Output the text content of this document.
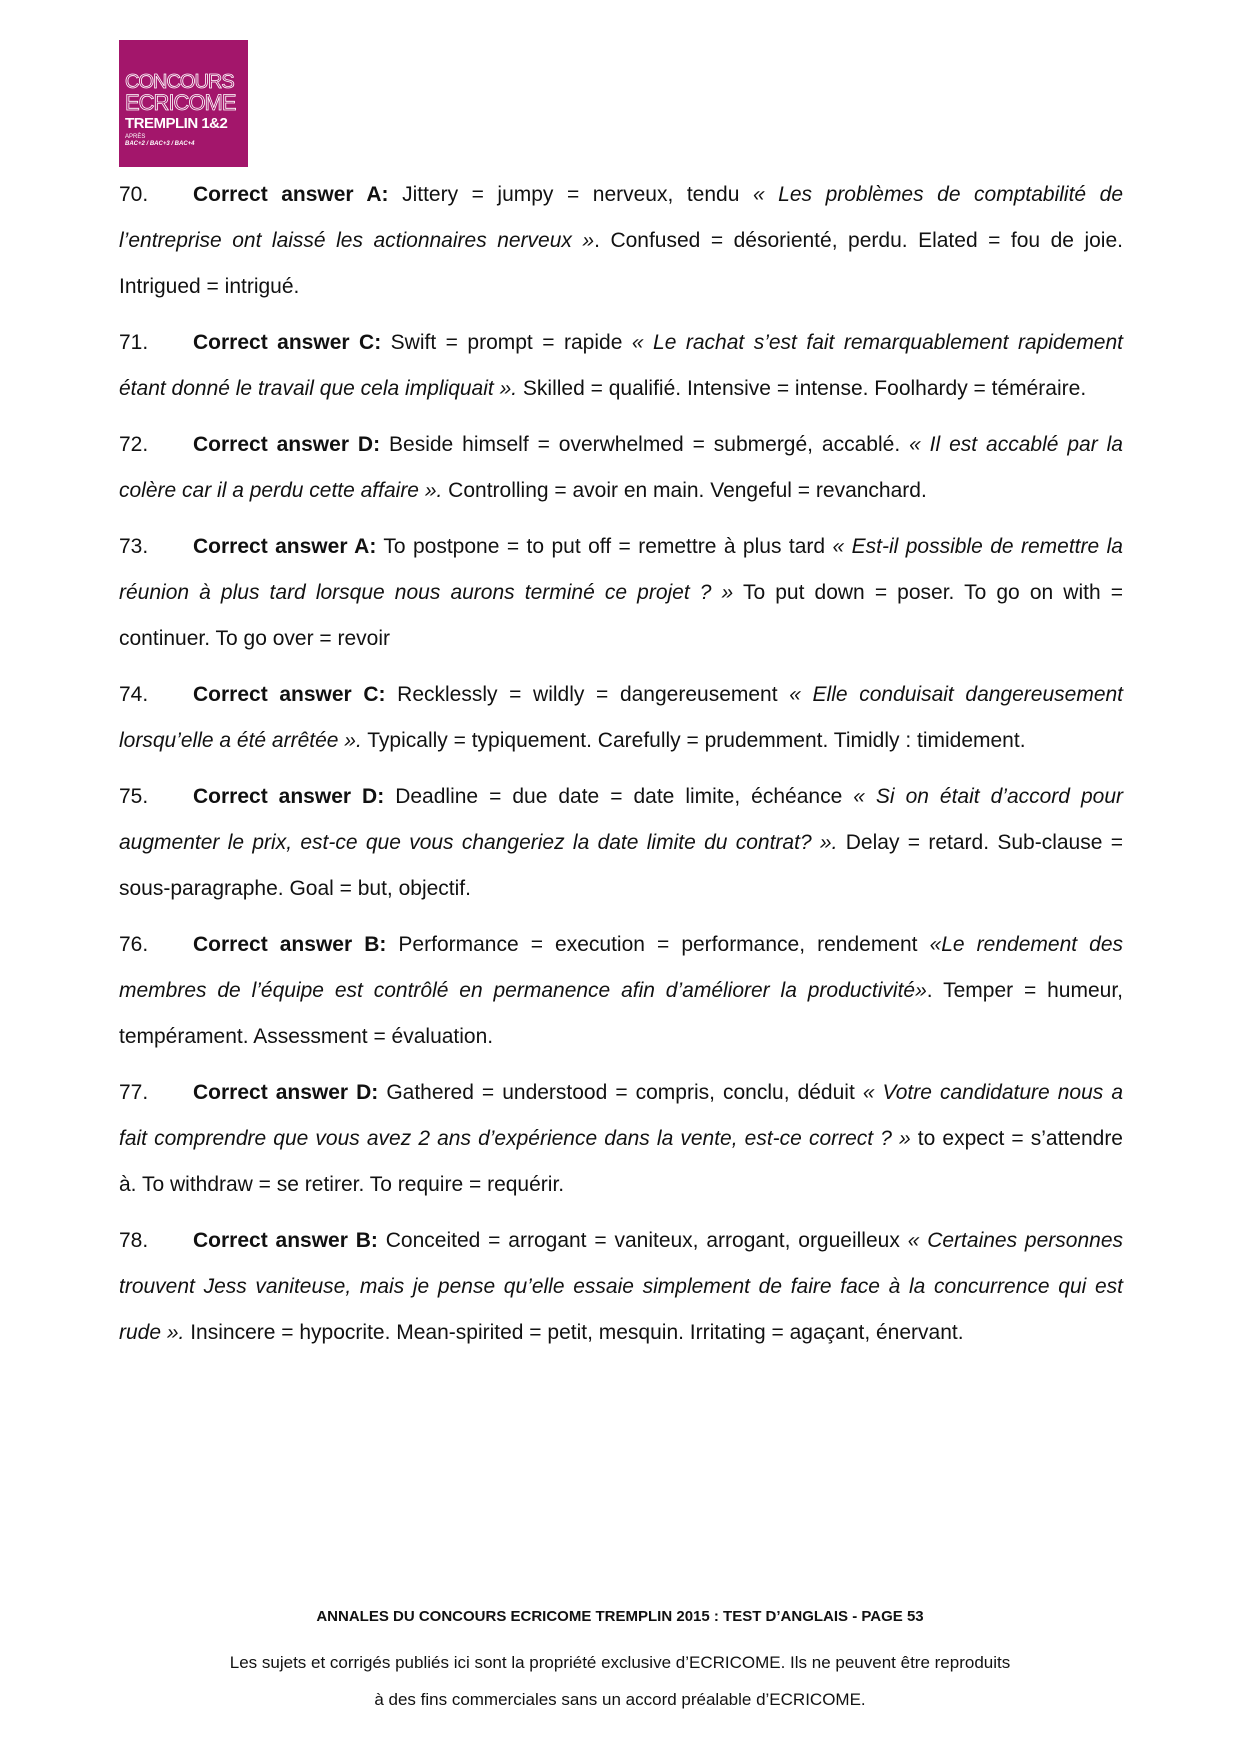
CONCOURS
ECRICOME
TREMPLIN 1&2
APRÈS
BAC+2 / BAC+3 / BAC+4

70. Correct answer A: Jittery = jumpy = nerveux, tendu « Les problèmes de comptabilité de l’entreprise ont laissé les actionnaires nerveux ». Confused = désorienté, perdu. Elated = fou de joie. Intrigued = intrigué.

71. Correct answer C: Swift = prompt = rapide « Le rachat s’est fait remarquablement rapidement étant donné le travail que cela impliquait ». Skilled = qualifié. Intensive = intense. Foolhardy = téméraire.

72. Correct answer D: Beside himself = overwhelmed = submergé, accablé. « Il est accablé par la colère car il a perdu cette affaire ». Controlling = avoir en main. Vengeful = revanchard.

73. Correct answer A: To postpone = to put off = remettre à plus tard « Est-il possible de remettre la réunion à plus tard lorsque nous aurons terminé ce projet ? » To put down = poser. To go on with = continuer. To go over = revoir

74. Correct answer C: Recklessly = wildly = dangereusement « Elle conduisait dangereusement lorsqu’elle a été arrêtée ». Typically = typiquement. Carefully = prudemment. Timidly : timidement.

75. Correct answer D: Deadline = due date = date limite, échéance « Si on était d’accord pour augmenter le prix, est-ce que vous changeriez la date limite du contrat? ». Delay = retard. Sub-clause = sous-paragraphe. Goal = but, objectif.

76. Correct answer B: Performance = execution = performance, rendement «Le rendement des membres de l’équipe est contrôlé en permanence afin d’améliorer la productivité». Temper = humeur, tempérament. Assessment = évaluation.

77. Correct answer D: Gathered = understood = compris, conclu, déduit « Votre candidature nous a fait comprendre que vous avez 2 ans d’expérience dans la vente, est-ce correct ? » to expect = s’attendre à. To withdraw = se retirer. To require = requérir.

78. Correct answer B: Conceited = arrogant = vaniteux, arrogant, orgueilleux « Certaines personnes trouvent Jess vaniteuse, mais je pense qu’elle essaie simplement de faire face à la concurrence qui est rude ». Insincere = hypocrite. Mean-spirited = petit, mesquin. Irritating = agaçant, énervant.

ANNALES DU CONCOURS ECRICOME TREMPLIN 2015 : TEST D’ANGLAIS - PAGE 53
Les sujets et corrigés publiés ici sont la propriété exclusive d’ECRICOME. Ils ne peuvent être reproduits
à des fins commerciales sans un accord préalable d’ECRICOME.
